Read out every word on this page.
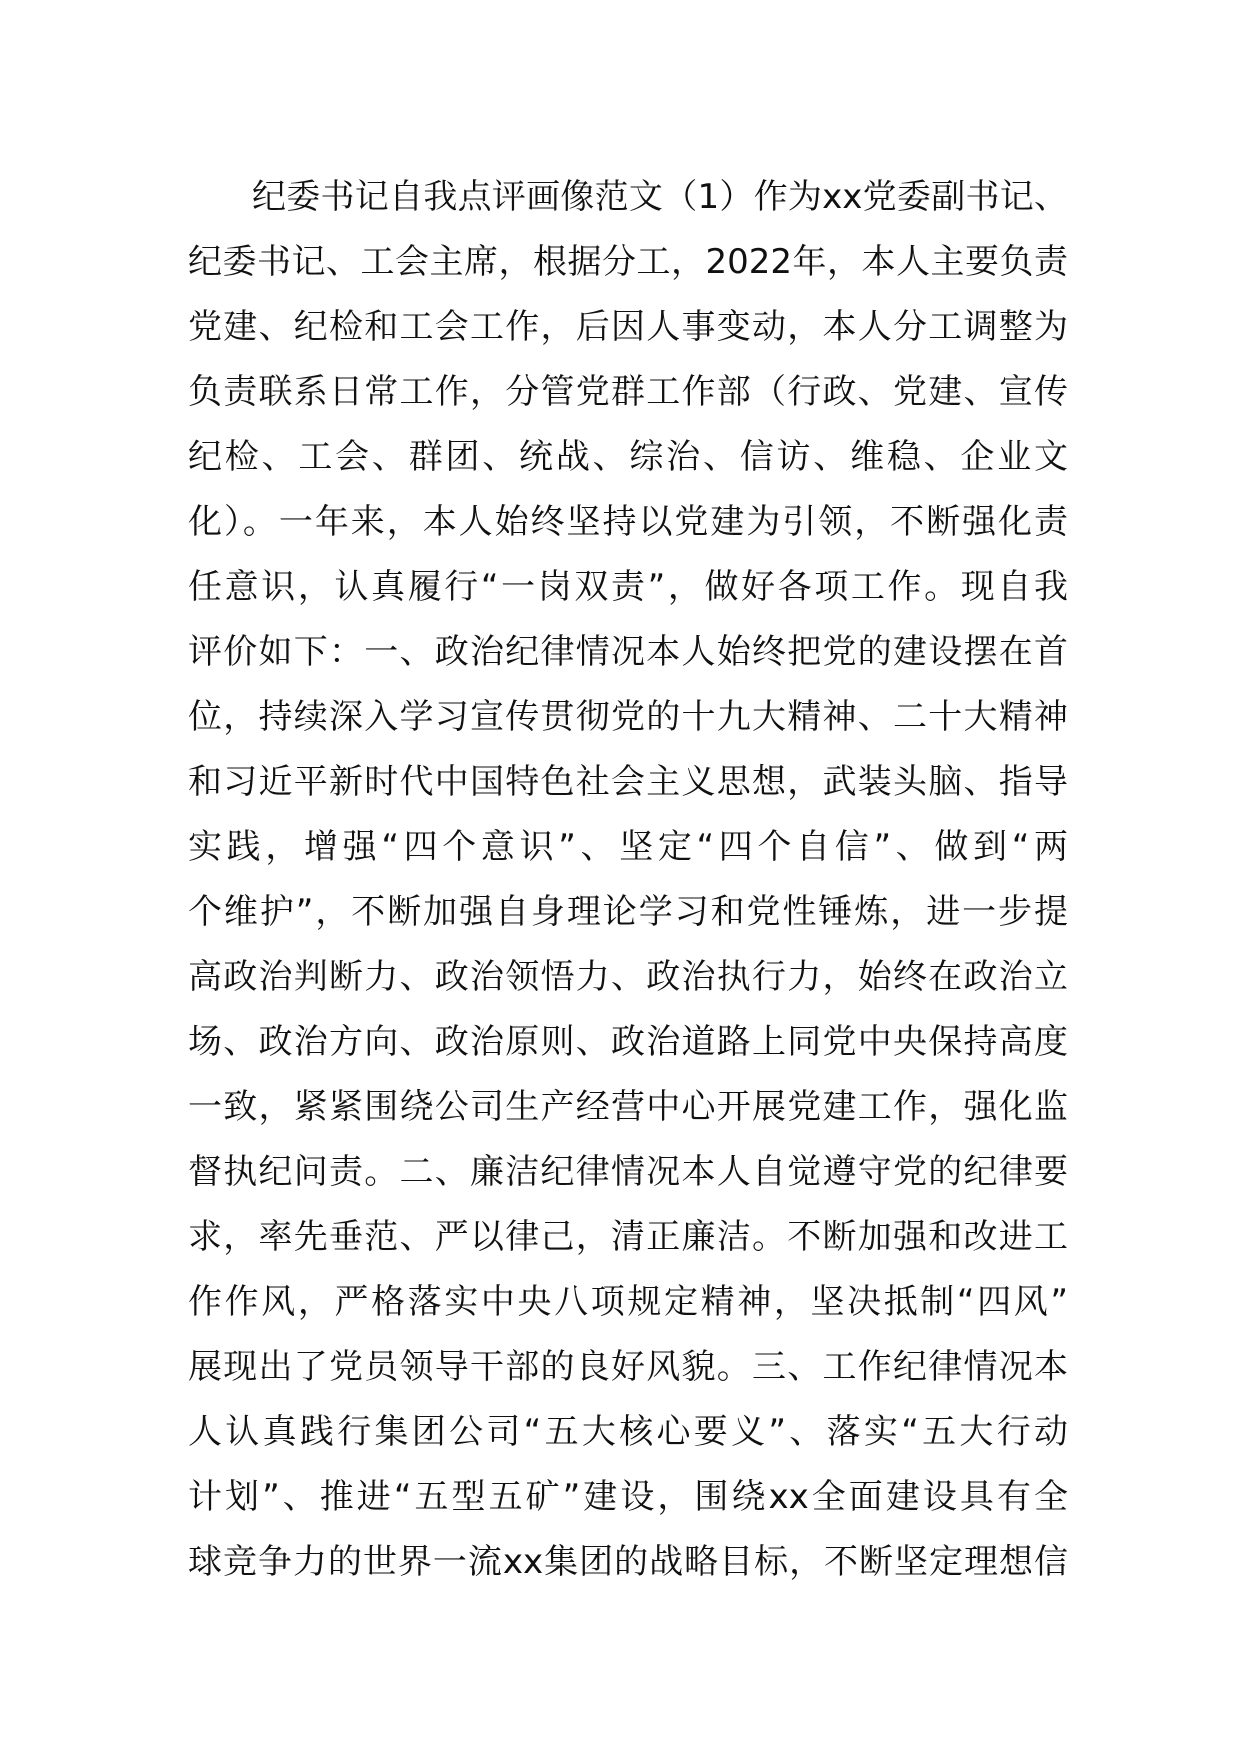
纪委书记自我点评画像范文（1）作为xx党委副书记、
纪委书记、工会主席，根据分工，2022年，本人主要负责
党建、纪检和工会工作，后因人事变动，本人分工调整为
负责联系日常工作，分管党群工作部（行政、党建、宣传
纪检、工会、群团、统战、综治、信访、维稳、企业文
化）。一年来，本人始终坚持以党建为引领，不断强化责
任意识，认真履行“一岗双责”，做好各项工作。现自我
评价如下：一、政治纪律情况本人始终把党的建设摆在首
位，持续深入学习宣传贯彻党的十九大精神、二十大精神
和习近平新时代中国特色社会主义思想，武装头脑、指导
实践，增强“四个意识”、坚定“四个自信”、做到“两
个维护”，不断加强自身理论学习和党性锤炼，进一步提
高政治判断力、政治领悟力、政治执行力，始终在政治立
场、政治方向、政治原则、政治道路上同党中央保持高度
一致，紧紧围绕公司生产经营中心开展党建工作，强化监
督执纪问责。二、廉洁纪律情况本人自觉遵守党的纪律要
求，率先垂范、严以律己，清正廉洁。不断加强和改进工
作作风，严格落实中央八项规定精神，坚决抵制“四风”
展现出了党员领导干部的良好风貌。三、工作纪律情况本
人认真践行集团公司“五大核心要义”、落实“五大行动
计划”、推进“五型五矿”建设，围绕xx全面建设具有全
球竞争力的世界一流xx集团的战略目标，不断坚定理想信
